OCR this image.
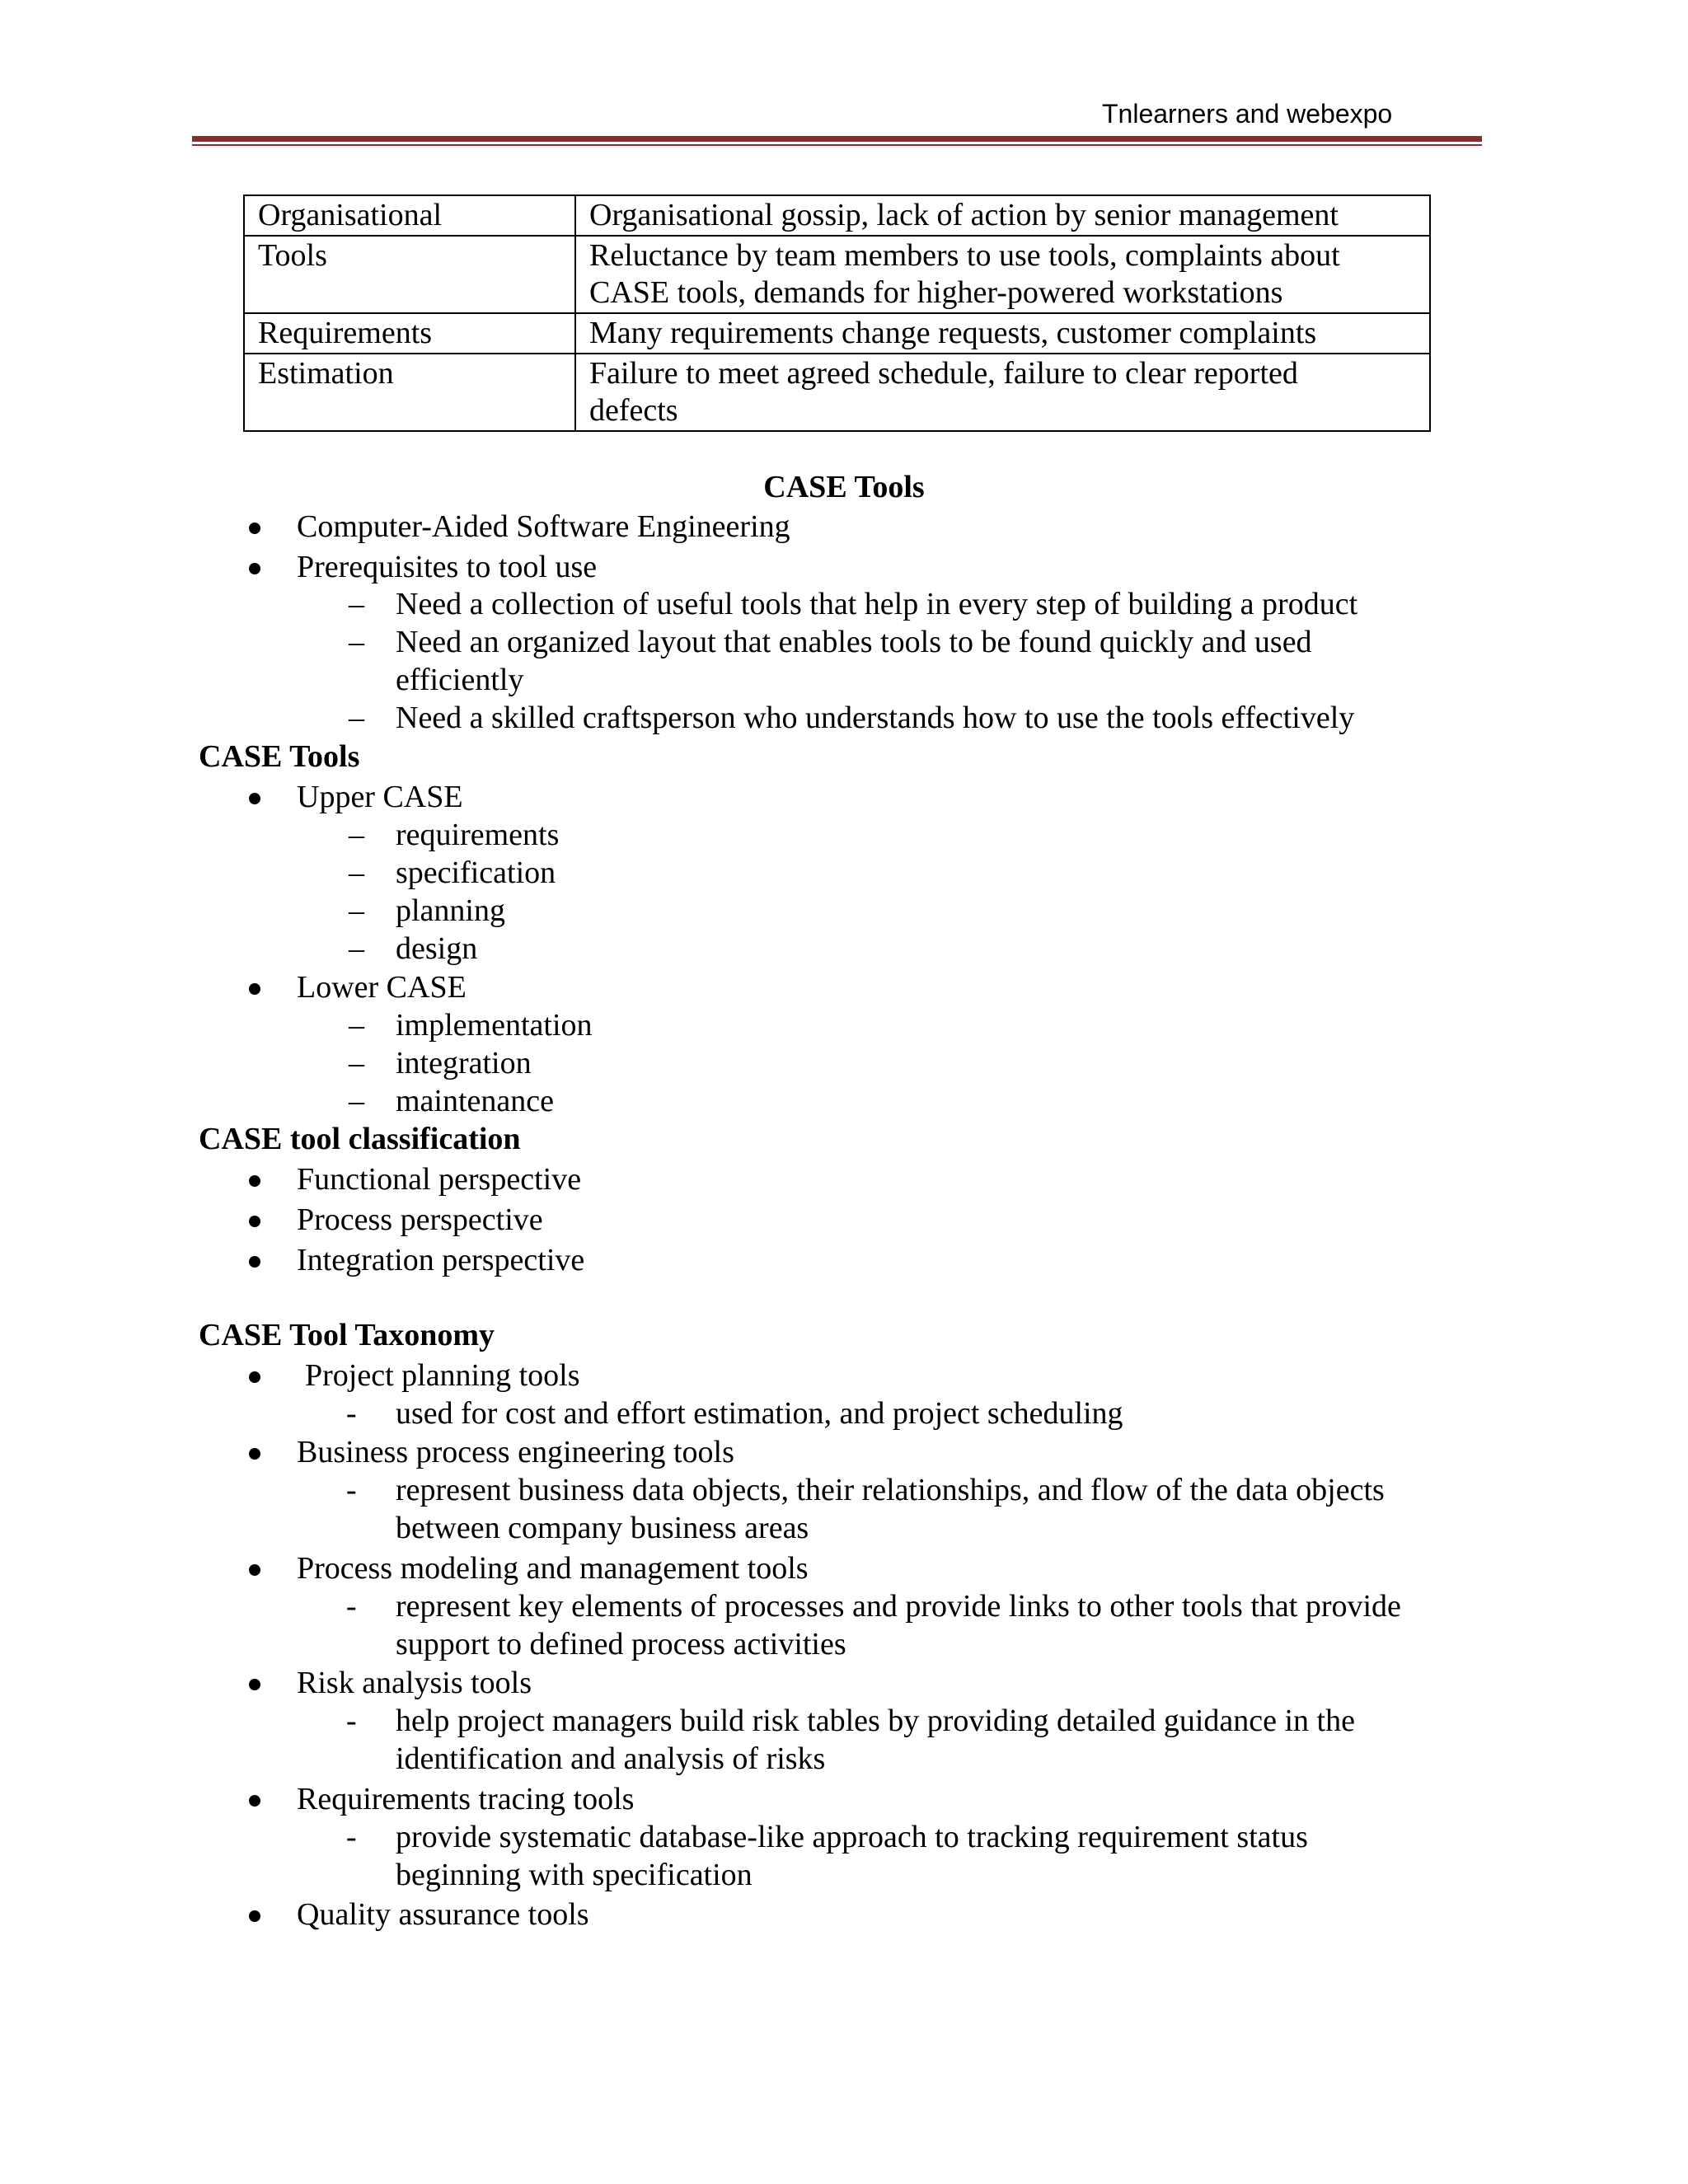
Tnlearners and webexpo
Organisational	Organisational gossip, lack of action by senior management
Tools	Reluctance by team members to use tools, complaints about
CASE tools, demands for higher-powered workstations

Requirements	Many requirements change requests, customer complaints
Estimation	Failure to meet agreed schedule, failure to clear reported
defects
CASE Tools
Computer-Aided Software Engineering
Prerequisites to tool use
– Need a collection of useful tools that help in every step of building a product
– Need an organized layout that enables tools to be found quickly and used
efficiently
– Need a skilled craftsperson who understands how to use the tools effectively
CASE Tools
Upper CASE
– requirements
– specification
– planning
– design
Lower CASE
– implementation
– integration
– maintenance
CASE tool classification
Functional perspective
Process perspective
Integration perspective
CASE Tool Taxonomy
Project planning tools
- used for cost and effort estimation, and project scheduling
Business process engineering tools
- represent business data objects, their relationships, and flow of the data objects
between company business areas
Process modeling and management tools
- represent key elements of processes and provide links to other tools that provide
support to defined process activities
Risk analysis tools
- help project managers build risk tables by providing detailed guidance in the
identification and analysis of risks
Requirements tracing tools
- provide systematic database-like approach to tracking requirement status
beginning with specification
Quality assurance tools
